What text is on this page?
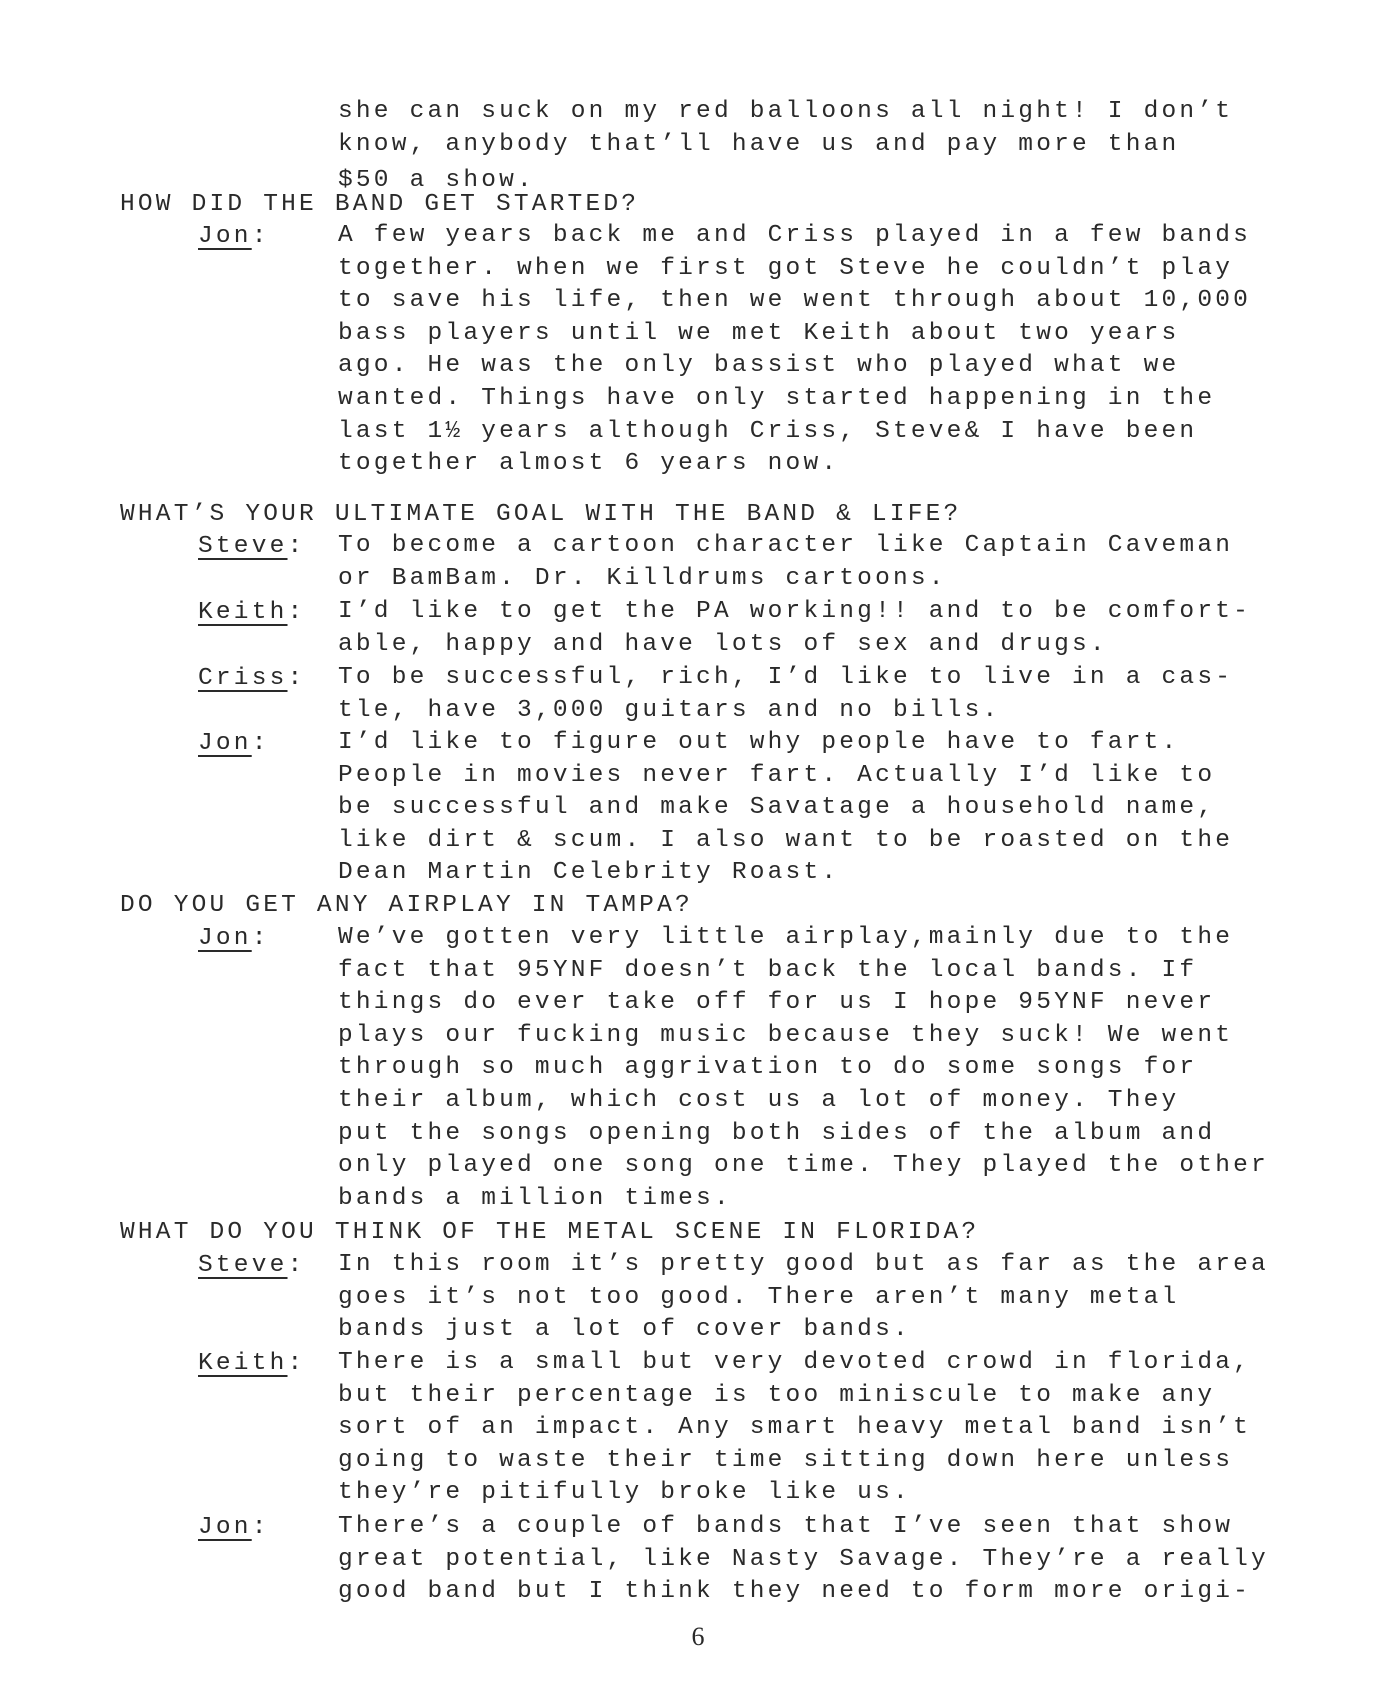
she can suck on my red balloons all night! I don’t
know, anybody that’ll have us and pay more than
$50 a show.
HOW DID THE BAND GET STARTED?
Jon:	A few years back me and Criss played in a few bands
together. when we first got Steve he couldn’t play
to save his life, then we went through about 10,000
bass players until we met Keith about two years
ago. He was the only bassist who played what we
wanted. Things have only started happening in the
last 1½ years although Criss, Steve& I have been
together almost 6 years now.
WHAT’S YOUR ULTIMATE GOAL WITH THE BAND & LIFE?
Steve: To become a cartoon character like Captain Caveman
or BamBam. Dr. Killdrums cartoons.
Keith: I’d like to get the PA working!! and to be comfort-
able, happy and have lots of sex and drugs.
Criss: To be successful, rich, I’d like to live in a cas-
tle, have 3,000 guitars and no bills.
Jon:	I’d like to figure out why people have to fart.
People in movies never fart. Actually I’d like to
be successful and make Savatage a household name,
like dirt & scum. I also want to be roasted on the
Dean Martin Celebrity Roast.
DO YOU GET ANY AIRPLAY IN TAMPA?
Jon:	We’ve gotten very little airplay,mainly due to the
fact that 95YNF doesn’t back the local bands. If
things do ever take off for us I hope 95YNF never
plays our fucking music because they suck! We went
through so much aggrivation to do some songs for
their album, which cost us a lot of money. They
put the songs opening both sides of the album and
only played one song one time. They played the other
bands a million times.
WHAT DO YOU THINK OF THE METAL SCENE IN FLORIDA?
Steve: In this room it’s pretty good but as far as the area
goes it’s not too good. There aren’t many metal
bands just a lot of cover bands.
Keith: There is a small but very devoted crowd in florida,
but their percentage is too miniscule to make any
sort of an impact. Any smart heavy metal band isn’t
going to waste their time sitting down here unless
they’re pitifully broke like us.
Jon:	There’s a couple of bands that I’ve seen that show
great potential, like Nasty Savage. They’re a really
good band but I think they need to form more origi-
6
